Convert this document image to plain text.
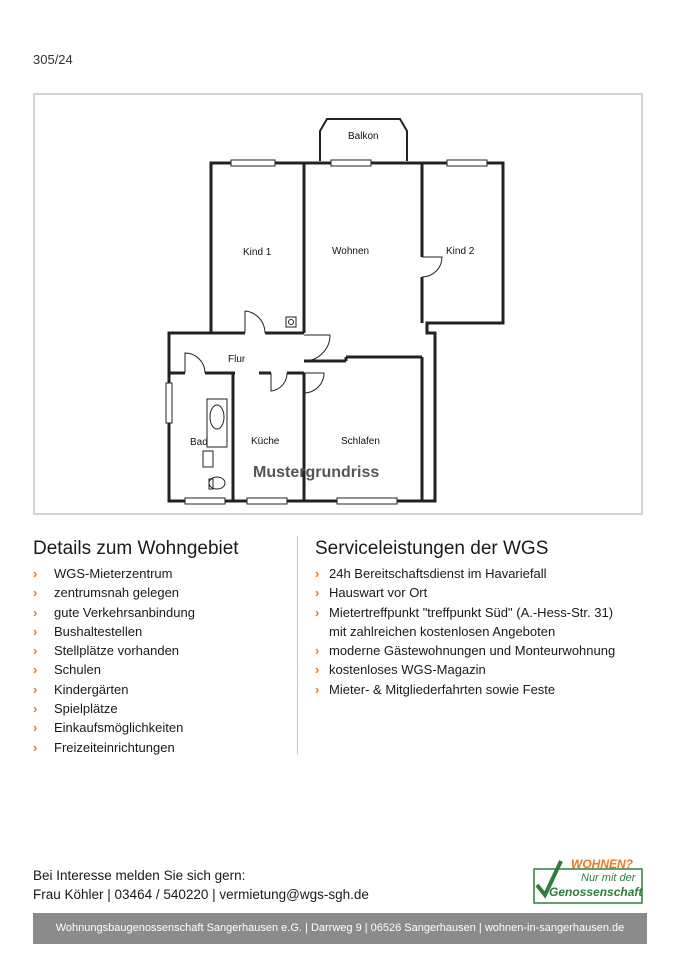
305/24
Balkon
Kind 1	Wohnen	Kind 2
Flur
Bad	Küche	Schlafen
Mustergrundriss
Details zum Wohngebiet
› WGS-Mieterzentrum
› zentrumsnah gelegen
› gute Verkehrsanbindung
› Bushaltestellen
› Stellplätze vorhanden
› Schulen
› Kindergärten
› Spielplätze
› Einkaufsmöglichkeiten
› Freizeiteinrichtungen
Serviceleistungen der WGS
› 24h Bereitschaftsdienst im Havariefall
› Hauswart vor Ort
› Mietertreffpunkt "treffpunkt Süd" (A.-Hess-Str. 31)
mit zahlreichen kostenlosen Angeboten
› moderne Gästewohnungen und Monteurwohnung
› kostenloses WGS-Magazin
› Mieter- & Mitgliederfahrten sowie Feste
Bei Interesse melden Sie sich gern:
Frau Köhler | 03464 / 540220 | vermietung@wgs-sgh.de
WOHNEN?
Nur mit der
Genossenschaft
Wohnungsbaugenossenschaft Sangerhausen e.G. | Darrweg 9 | 06526 Sangerhausen | wohnen-in-sangerhausen.de
